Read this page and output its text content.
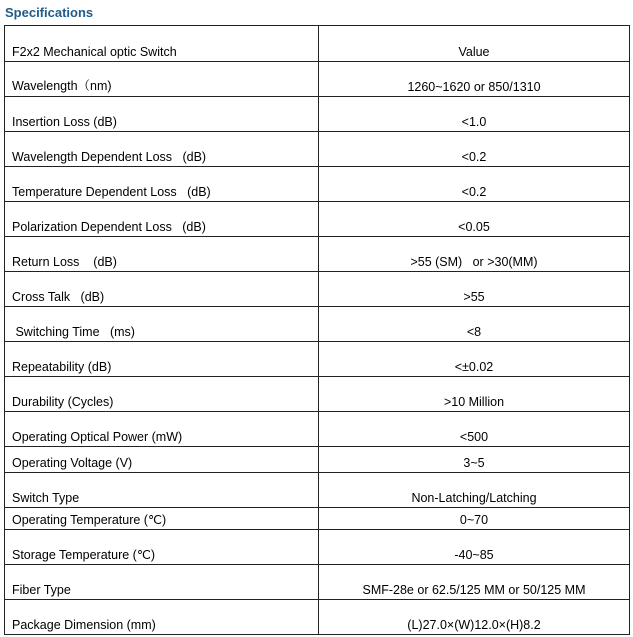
Specifications
F2x2 Mechanical optic Switch	Value
Wavelength（nm)	1260~1620 or 850/1310
Insertion Loss (dB)	<1.0
Wavelength Dependent Loss   (dB)	<0.2
Temperature Dependent Loss   (dB)	<0.2
Polarization Dependent Loss   (dB)	<0.05
Return Loss    (dB)	>55 (SM)   or >30(MM)
Cross Talk   (dB)	>55
Switching Time   (ms)	<8
Repeatability (dB)	<±0.02
Durability (Cycles)	>10 Million
Operating Optical Power (mW)	<500
Operating Voltage (V)	3~5
Switch Type	Non-Latching/Latching
Operating Temperature (℃)	0~70
Storage Temperature (℃)	-40~85
Fiber Type	SMF-28e or 62.5/125 MM or 50/125 MM
Package Dimension (mm)	(L)27.0×(W)12.0×(H)8.2
